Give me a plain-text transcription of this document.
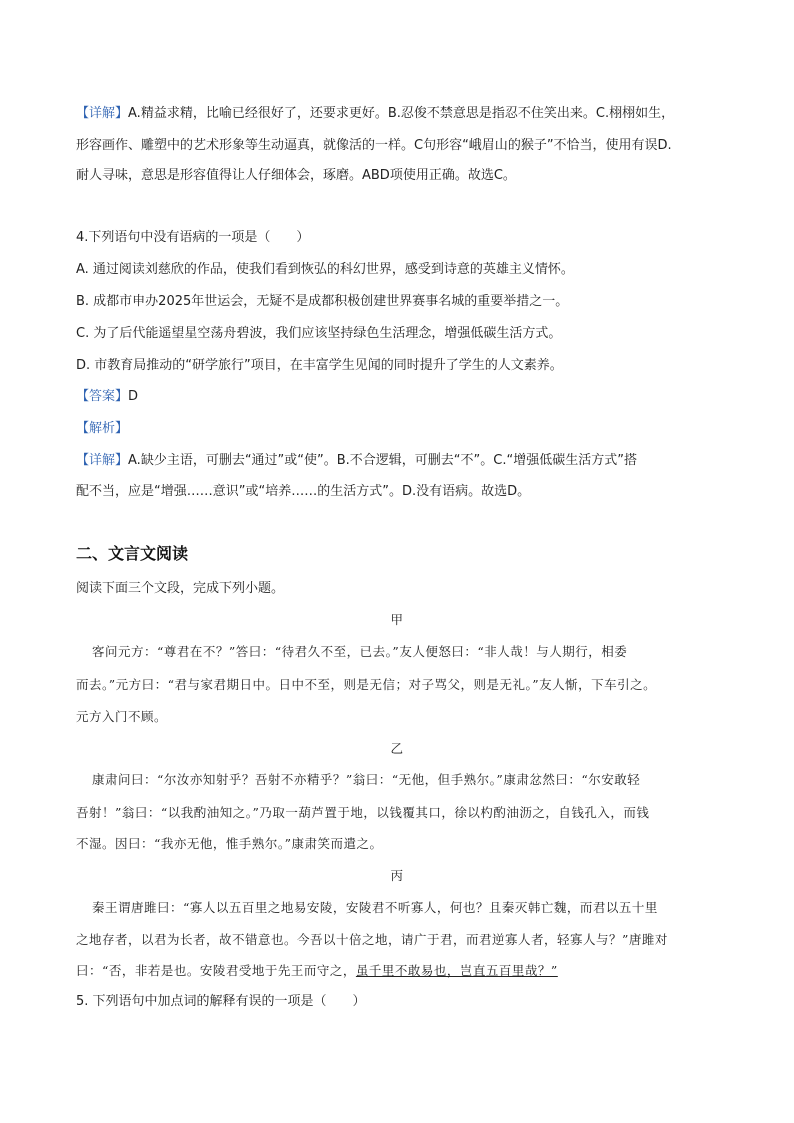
【详解】A.精益求精，比喻已经很好了，还要求更好。B.忍俊不禁意思是指忍不住笑出来。C.栩栩如生，
形容画作、雕塑中的艺术形象等生动逼真，就像活的一样。C句形容“峨眉山的猴子”不恰当，使用有误D.
耐人寻味，意思是形容值得让人仔细体会，琢磨。ABD项使用正确。故选C。
4.下列语句中没有语病的一项是（　　）
A. 通过阅读刘慈欣的作品，使我们看到恢弘的科幻世界，感受到诗意的英雄主义情怀。
B. 成都市申办2025年世运会，无疑不是成都积极创建世界赛事名城的重要举措之一。
C. 为了后代能遥望星空荡舟碧波，我们应该坚持绿色生活理念，增强低碳生活方式。
D. 市教育局推动的“研学旅行”项目，在丰富学生见闻的同时提升了学生的人文素养。
【答案】D
【解析】
【详解】A.缺少主语，可删去“通过”或“使”。B.不合逻辑，可删去“不”。C.“增强低碳生活方式”搭
配不当，应是“增强……意识”或“培养……的生活方式”。D.没有语病。故选D。
二、文言文阅读
阅读下面三个文段，完成下列小题。
甲
客问元方：“尊君在不？”答曰：“待君久不至，已去。”友人便怒曰：“非人哉！与人期行，相委
而去。”元方曰：“君与家君期日中。日中不至，则是无信；对子骂父，则是无礼。”友人惭，下车引之。
元方入门不顾。
乙
康肃问曰：“尔汝亦知射乎？吾射不亦精乎？”翁曰：“无他，但手熟尔。”康肃忿然曰：“尔安敢轻
吾射！”翁曰：“以我酌油知之。”乃取一葫芦置于地，以钱覆其口，徐以杓酌油沥之，自钱孔入，而钱
不湿。因曰：“我亦无他，惟手熟尔。”康肃笑而遣之。
丙
秦王谓唐雎曰：“寡人以五百里之地易安陵，安陵君不听寡人，何也？且秦灭韩亡魏，而君以五十里
之地存者，以君为长者，故不错意也。今吾以十倍之地，请广于君，而君逆寡人者，轻寡人与？”唐雎对
曰：“否，非若是也。安陵君受地于先王而守之，虽千里不敢易也，岂直五百里哉？”
5. 下列语句中加点词的解释有误的一项是（　　）
